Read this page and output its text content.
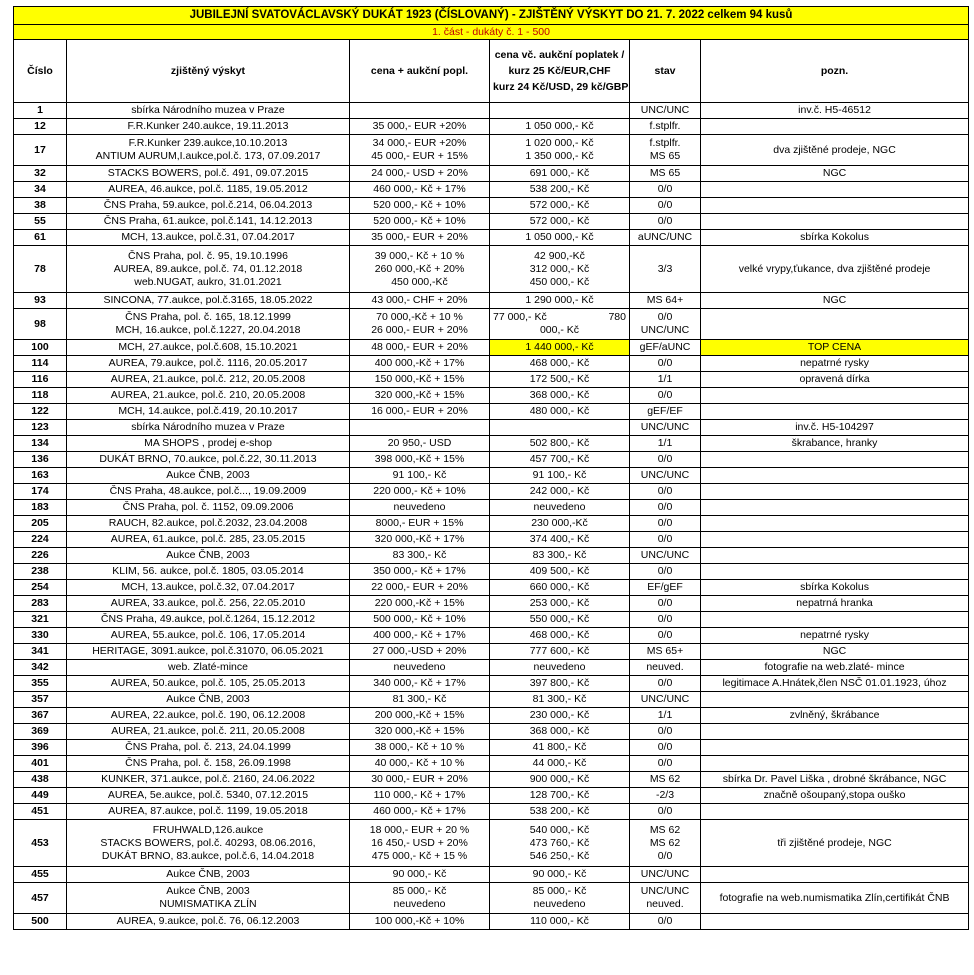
JUBILEJNÍ SVATOVÁCLAVSKÝ DUKÁT 1923 (ČÍSLOVANÝ) - ZJIŠTĚNÝ VÝSKYT DO 21. 7. 2022 celkem 94 kusů					
1. část - dukáty č. 1 - 500					
Číslo	zjištěný výskyt	cena + aukční popl.	cena vč. aukční poplatek /
kurz 25 Kč/EUR,CHF
kurz 24 Kč/USD, 29 kč/GBP	stav	pozn.
1	sbírka Národního muzea v Praze			UNC/UNC	inv.č. H5-46512
12	F.R.Kunker 240.aukce, 19.11.2013	35 000,- EUR +20%	1 050 000,- Kč	f.stplfr.	

17	F.R.Kunker 239.aukce,10.10.2013
ANTIUM AURUM,I.aukce,pol.č. 173, 07.09.2017	34 000,- EUR +20%
45 000,- EUR + 15%	1 020 000,- Kč
1 350 000,- Kč	f.stplfr.
MS 65	dva zjištěné prodeje, NGC
32	STACKS BOWERS, pol.č. 491, 09.07.2015	24 000,- USD + 20%	691 000,- Kč	MS 65	NGC
34	AUREA, 46.aukce, pol.č. 1185, 19.05.2012	460 000,- Kč + 17%	538 200,- Kč	0/0	

38	ČNS Praha, 59.aukce, pol.č.214, 06.04.2013	520 000,- Kč + 10%	572 000,- Kč	0/0	

55	ČNS Praha, 61.aukce, pol.č.141, 14.12.2013	520 000,- Kč + 10%	572 000,- Kč	0/0	

61	MCH, 13.aukce, pol.č.31, 07.04.2017	35 000,- EUR + 20%	1 050 000,- Kč	aUNC/UNC	sbírka Kokolus
78	ČNS Praha, pol. č. 95, 19.10.1996
AUREA, 89.aukce, pol.č. 74, 01.12.2018
web.NUGAT, aukro, 31.01.2021	39 000,- Kč + 10 %
260 000,-Kč + 20%
450 000,-Kč	42 900,-Kč
312 000,- Kč
450 000,- Kč	3/3	velké vrypy,ťukance, dva zjištěné prodeje
93	SINCONA, 77.aukce, pol.č.3165, 18.05.2022	43 000,- CHF + 20%	1 290 000,- Kč	MS 64+	NGC
98	ČNS Praha, pol. č. 165, 18.12.1999
MCH, 16.aukce, pol.č.1227, 20.04.2018	70 000,-Kč + 10 %
26 000,- EUR + 20%	77 000,- Kč 780
000,- Kč	0/0
UNC/UNC	

100	MCH, 27.aukce, pol.č.608, 15.10.2021	48 000,- EUR + 20%	1 440 000,- Kč	gEF/aUNC	TOP CENA
114	AUREA, 79.aukce, pol.č. 1116, 20.05.2017	400 000,-Kč + 17%	468 000,- Kč	0/0	nepatrné rysky
116	AUREA, 21.aukce, pol.č. 212, 20.05.2008	150 000,-Kč + 15%	172 500,- Kč	1/1	opravená dírka
118	AUREA, 21.aukce, pol.č. 210, 20.05.2008	320 000,-Kč + 15%	368 000,- Kč	0/0	

122	MCH, 14.aukce, pol.č.419, 20.10.2017	16 000,- EUR + 20%	480 000,- Kč	gEF/EF	

123	sbírka Národního muzea v Praze			UNC/UNC	inv.č. H5-104297
134	MA SHOPS , prodej e-shop	20 950,- USD	502 800,- Kč	1/1	škrabance, hranky
136	DUKÁT BRNO, 70.aukce, pol.č.22, 30.11.2013	398 000,-Kč + 15%	457 700,- Kč	0/0	

163	Aukce ČNB, 2003	91 100,- Kč	91 100,- Kč	UNC/UNC	

174	ČNS Praha, 48.aukce, pol.č..., 19.09.2009	220 000,- Kč + 10%	242 000,- Kč	0/0	

183	ČNS Praha, pol. č. 1152, 09.09.2006	neuvedeno	neuvedeno	0/0	

205	RAUCH, 82.aukce, pol.č.2032, 23.04.2008	8000,- EUR + 15%	230 000,-Kč	0/0	

224	AUREA, 61.aukce, pol.č. 285, 23.05.2015	320 000,-Kč + 17%	374 400,- Kč	0/0	

226	Aukce ČNB, 2003	83 300,- Kč	83 300,- Kč	UNC/UNC	

238	KLIM, 56. aukce, pol.č. 1805, 03.05.2014	350 000,- Kč + 17%	409 500,- Kč	0/0	

254	MCH, 13.aukce, pol.č.32, 07.04.2017	22 000,- EUR + 20%	660 000,- Kč	EF/gEF	sbírka Kokolus
283	AUREA, 33.aukce, pol.č. 256, 22.05.2010	220 000,-Kč + 15%	253 000,- Kč	0/0	nepatrná hranka
321	ČNS Praha, 49.aukce, pol.č.1264, 15.12.2012	500 000,- Kč + 10%	550 000,- Kč	0/0	

330	AUREA, 55.aukce, pol.č. 106, 17.05.2014	400 000,- Kč + 17%	468 000,- Kč	0/0	nepatrné rysky
341	HERITAGE, 3091.aukce, pol.č.31070, 06.05.2021	27 000,-USD + 20%	777 600,- Kč	MS 65+	NGC
342	web. Zlaté-mince	neuvedeno	neuvedeno	neuved.	fotografie na web.zlaté- mince
355	AUREA, 50.aukce, pol.č. 105, 25.05.2013	340 000,- Kč + 17%	397 800,- Kč	0/0	legitimace A.Hnátek,člen NSČ 01.01.1923, úhoz
357	Aukce ČNB, 2003	81 300,- Kč	81 300,- Kč	UNC/UNC	

367	AUREA, 22.aukce, pol.č. 190, 06.12.2008	200 000,-Kč + 15%	230 000,- Kč	1/1	zvlněný, škrábance
369	AUREA, 21.aukce, pol.č. 211, 20.05.2008	320 000,-Kč + 15%	368 000,- Kč	0/0	

396	ČNS Praha, pol. č. 213, 24.04.1999	38 000,- Kč + 10 %	41 800,- Kč	0/0	

401	ČNS Praha, pol. č. 158, 26.09.1998	40 000,- Kč + 10 %	44 000,- Kč	0/0	

438	KUNKER, 371.aukce, pol.č. 2160, 24.06.2022	30 000,- EUR + 20%	900 000,- Kč	MS 62	sbírka Dr. Pavel Liška , drobné škrábance, NGC
449	AUREA, 5e.aukce, pol.č. 5340, 07.12.2015	110 000,- Kč + 17%	128 700,- Kč	-2/3	značně ošoupaný,stopa ouško
451	AUREA, 87.aukce, pol.č. 1199, 19.05.2018	460 000,- Kč + 17%	538 200,- Kč	0/0	

453	FRUHWALD,126.aukce
STACKS BOWERS, pol.č. 40293, 08.06.2016,
DUKÁT BRNO, 83.aukce, pol.č.6, 14.04.2018	18 000,- EUR + 20 %
16 450,- USD + 20%
475 000,- Kč + 15 %	540 000,- Kč
473 760,- Kč
546 250,- Kč	MS 62
MS 62
0/0	tři zjištěné prodeje, NGC
455	Aukce ČNB, 2003	90 000,- Kč	90 000,- Kč	UNC/UNC	

457	Aukce ČNB, 2003
NUMISMATIKA ZLÍN	85 000,- Kč
neuvedeno	85 000,- Kč
neuvedeno	UNC/UNC
neuved.	fotografie na web.numismatika Zlín,certifikát ČNB
500	AUREA, 9.aukce, pol.č. 76, 06.12.2003	100 000,-Kč + 10%	110 000,- Kč	0/0	
